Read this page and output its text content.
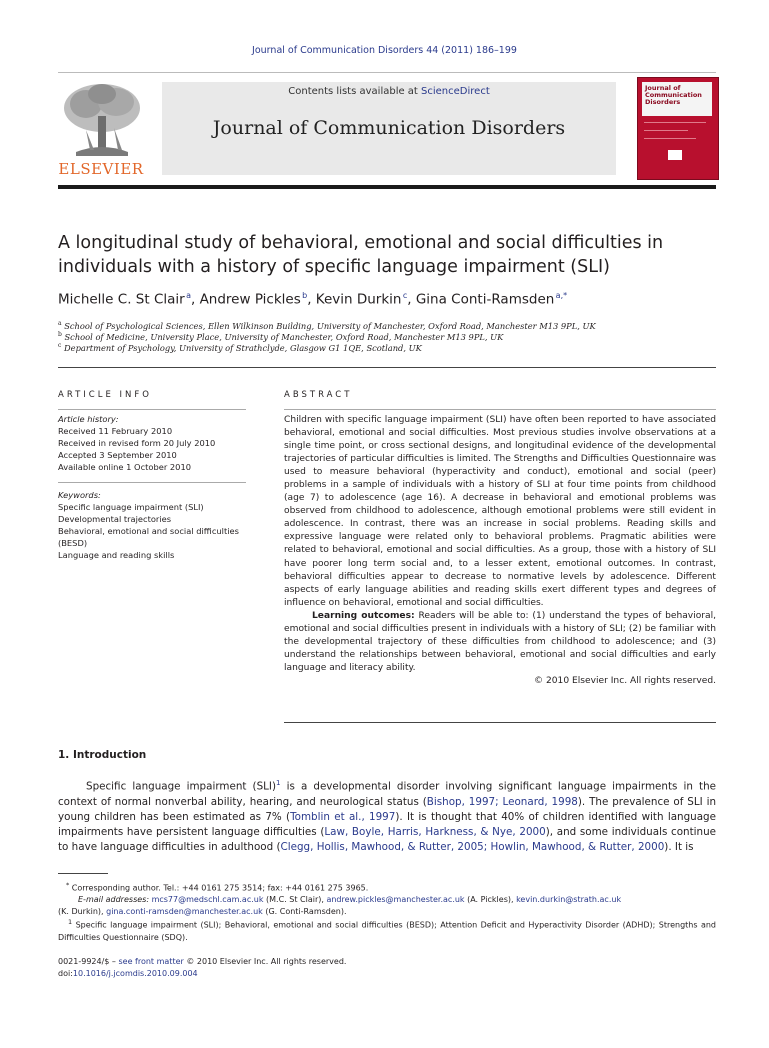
Journal of Communication Disorders 44 (2011) 186–199
ELSEVIER
Contents lists available at ScienceDirect
Journal of Communication Disorders
Journal of Communication Disorders
A longitudinal study of behavioral, emotional and social difficulties in individuals with a history of specific language impairment (SLI)
Michelle C. St Clair $^a$, Andrew Pickles $^b$, Kevin Durkin $^c$, Gina Conti-Ramsden $^{a,*}$
$^a$ School of Psychological Sciences, Ellen Wilkinson Building, University of Manchester, Oxford Road, Manchester M13 9PL, UK
$^b$ School of Medicine, University Place, University of Manchester, Oxford Road, Manchester M13 9PL, UK
$^c$ Department of Psychology, University of Strathclyde, Glasgow G1 1QE, Scotland, UK
ARTICLE INFO
Article history:
Received 11 February 2010
Received in revised form 20 July 2010
Accepted 3 September 2010
Available online 1 October 2010
Keywords:
Specific language impairment (SLI)
Developmental trajectories
Behavioral, emotional and social difficulties
(BESD)
Language and reading skills
ABSTRACT

Children with specific language impairment (SLI) have often been reported to have associated behavioral, emotional and social difficulties. Most previous studies involve observations at a single time point, or cross sectional designs, and longitudinal evidence of the developmental trajectories of particular difficulties is limited. The Strengths and Difficulties Questionnaire was used to measure behavioral (hyperactivity and conduct), emotional and social (peer) problems in a sample of individuals with a history of SLI at four time points from childhood (age 7) to adolescence (age 16). A decrease in behavioral and emotional problems was observed from childhood to adolescence, although emotional problems were still evident in adolescence. In contrast, there was an increase in social problems. Reading skills and expressive language were related only to behavioral problems. Pragmatic abilities were related to behavioral, emotional and social difficulties. As a group, those with a history of SLI have poorer long term social and, to a lesser extent, emotional outcomes. In contrast, behavioral difficulties appear to decrease to normative levels by adolescence. Different aspects of early language abilities and reading skills exert different types and degrees of influence on behavioral, emotional and social difficulties.

Learning outcomes: Readers will be able to: (1) understand the types of behavioral, emotional and social difficulties present in individuals with a history of SLI; (2) be familiar with the developmental trajectory of these difficulties from childhood to adolescence; and (3) understand the relationships between behavioral, emotional and social difficulties and early language and literacy ability.

© 2010 Elsevier Inc. All rights reserved.

1. Introduction

Specific language impairment (SLI)$^1$ is a developmental disorder involving significant language impairments in the context of normal nonverbal ability, hearing, and neurological status (Bishop, 1997; Leonard, 1998). The prevalence of SLI in young children has been estimated as 7% (Tomblin et al., 1997). It is thought that 40% of children identified with language impairments have persistent language difficulties (Law, Boyle, Harris, Harkness, & Nye, 2000), and some individuals continue to have language difficulties in adulthood (Clegg, Hollis, Mawhood, & Rutter, 2005; Howlin, Mawhood, & Rutter, 2000). It is

* Corresponding author. Tel.: +44 0161 275 3514; fax: +44 0161 275 3965.

E-mail addresses: mcs77@medschl.cam.ac.uk (M.C. St Clair), andrew.pickles@manchester.ac.uk (A. Pickles), kevin.durkin@strath.ac.uk

(K. Durkin), gina.conti-ramsden@manchester.ac.uk (G. Conti-Ramsden).

$^1$ Specific language impairment (SLI); Behavioral, emotional and social difficulties (BESD); Attention Deficit and Hyperactivity Disorder (ADHD); Strengths and Difficulties Questionnaire (SDQ).

0021-9924/$ – see front matter © 2010 Elsevier Inc. All rights reserved.
doi:10.1016/j.jcomdis.2010.09.004
